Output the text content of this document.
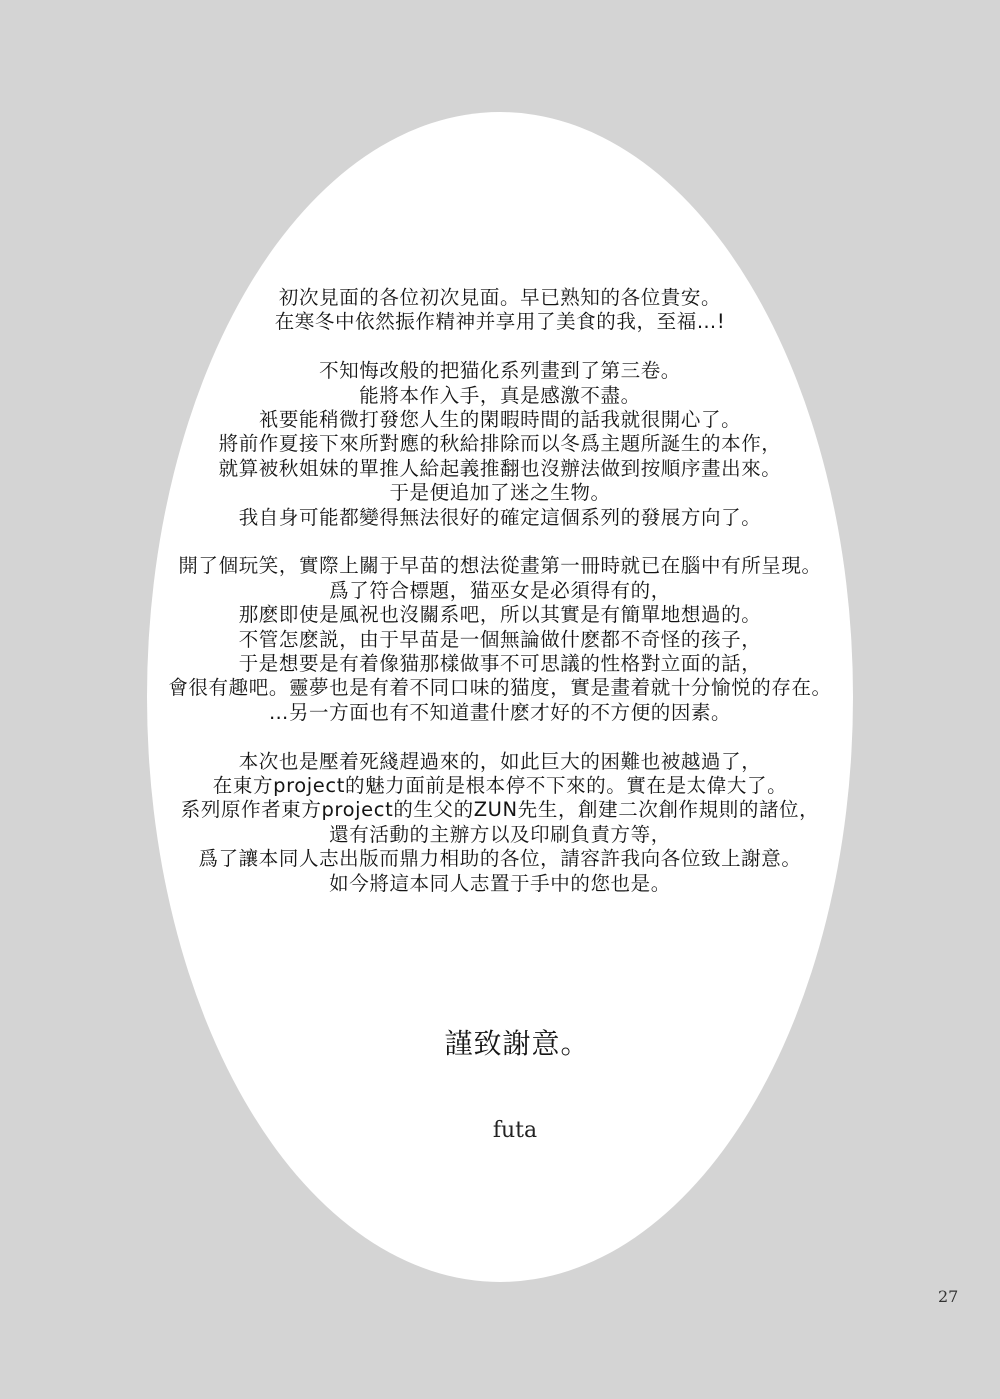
初次見面的各位初次見面。早已熟知的各位貴安。
在寒冬中依然振作精神并享用了美食的我，至福…!
不知悔改般的把猫化系列畫到了第三卷。
能將本作入手，真是感激不盡。
衹要能稍微打發您人生的閑暇時間的話我就很開心了。
將前作夏接下來所對應的秋給排除而以冬爲主題所誕生的本作，
就算被秋姐妹的單推人給起義推翻也沒辦法做到按順序畫出來。
于是便追加了迷之生物。
我自身可能都變得無法很好的確定這個系列的發展方向了。
開了個玩笑，實際上關于早苗的想法從畫第一冊時就已在腦中有所呈現。
爲了符合標題，猫巫女是必須得有的，
那麽即使是風祝也沒關系吧，所以其實是有簡單地想過的。
不管怎麽説，由于早苗是一個無論做什麽都不奇怪的孩子，
于是想要是有着像猫那樣做事不可思議的性格對立面的話，
會很有趣吧。靈夢也是有着不同口味的猫度，實是畫着就十分愉悦的存在。
…另一方面也有不知道畫什麽才好的不方便的因素。
本次也是壓着死綫趕過來的，如此巨大的困難也被越過了，
在東方project的魅力面前是根本停不下來的。實在是太偉大了。
系列原作者東方project的生父的ZUN先生，創建二次創作規則的諸位，
還有活動的主辦方以及印刷負責方等，
爲了讓本同人志出版而鼎力相助的各位，請容許我向各位致上謝意。
如今將這本同人志置于手中的您也是。
謹致謝意。
futa
27
